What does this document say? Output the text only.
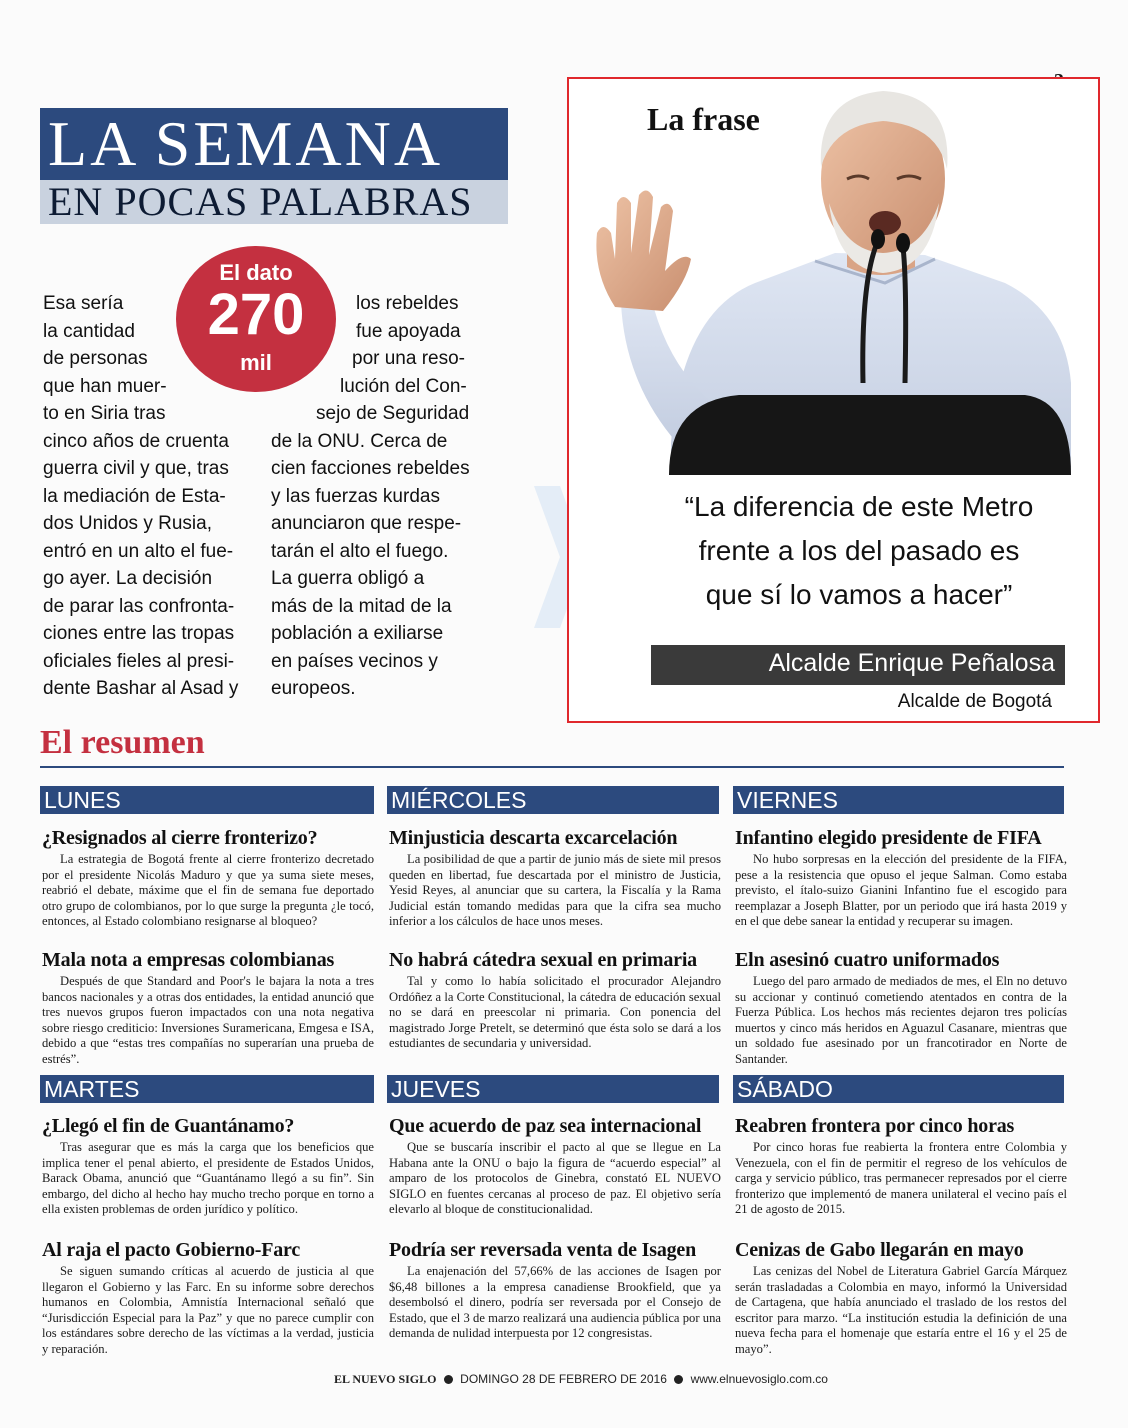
LA SEMANA
EN POCAS PALABRAS
El dato
270
mil
Esa sería
la cantidad
de personas
que han muer-
to en Siria tras
cinco años de cruenta
guerra civil y que, tras
la mediación de Esta-
dos Unidos y Rusia,
entró en un alto el fue-
go ayer. La decisión
de parar las confronta-
ciones entre las tropas
oficiales fieles al presi-
dente Bashar al Asad y
los rebeldes
fue apoyada
por una reso-
lución del Con-
sejo de Seguridad
de la ONU. Cerca de
cien facciones rebeldes
y las fuerzas kurdas
anunciaron que respe-
tarán el alto el fuego.
La guerra obligó a
más de la mitad de la
población a exiliarse
en países vecinos y
europeos.
La frase
“La diferencia de este Metro
frente a los del pasado es
que sí lo vamos a hacer”
Alcalde Enrique Peñalosa
Alcalde de Bogotá
El resumen
LUNES	MIÉRCOLES	VIERNES
MARTES	JUEVES	SÁBADO
¿Resignados al cierre fronterizo?
La estrategia de Bogotá frente al cierre fronterizo decretado por el presidente Nicolás Maduro y que ya suma siete meses, reabrió el debate, máxime que el fin de semana fue deportado otro grupo de colombianos, por lo que surge la pregunta ¿le tocó, entonces, al Estado colombiano resignarse al bloqueo?
Mala nota a empresas colombianas
Después de que Standard and Poor's le bajara la nota a tres bancos nacionales y a otras dos entidades, la entidad anunció que tres nuevos grupos fueron impactados con una nota negativa sobre riesgo crediticio: Inversiones Suramericana, Emgesa e ISA, debido a que “estas tres compañías no superarían una prueba de estrés”.
Minjusticia descarta excarcelación
La posibilidad de que a partir de junio más de siete mil presos queden en libertad, fue descartada por el ministro de Justicia, Yesid Reyes, al anunciar que su cartera, la Fiscalía y la Rama Judicial están tomando medidas para que la cifra sea mucho inferior a los cálculos de hace unos meses.
No habrá cátedra sexual en primaria
Tal y como lo había solicitado el procurador Alejandro Ordóñez a la Corte Constitucional, la cátedra de educación sexual no se dará en preescolar ni primaria. Con ponencia del magistrado Jorge Pretelt, se determinó que ésta solo se dará a los estudiantes de secundaria y universidad.
Infantino elegido presidente de FIFA
No hubo sorpresas en la elección del presidente de la FIFA, pese a la resistencia que opuso el jeque Salman. Como estaba previsto, el ítalo-suizo Gianini Infantino fue el escogido para reemplazar a Joseph Blatter, por un periodo que irá hasta 2019 y en el que debe sanear la entidad y recuperar su imagen.
Eln asesinó cuatro uniformados
Luego del paro armado de mediados de mes, el Eln no detuvo su accionar y continuó cometiendo atentados en contra de la Fuerza Pública. Los hechos más recientes dejaron tres policías muertos y cinco más heridos en Aguazul Casanare, mientras que un soldado fue asesinado por un francotirador en Norte de Santander.
¿Llegó el fin de Guantánamo?
Tras asegurar que es más la carga que los beneficios que implica tener el penal abierto, el presidente de Estados Unidos, Barack Obama, anunció que “Guantánamo llegó a su fin”. Sin embargo, del dicho al hecho hay mucho trecho porque en torno a ella existen problemas de orden jurídico y político.
Al raja el pacto Gobierno-Farc
Se siguen sumando críticas al acuerdo de justicia al que llegaron el Gobierno y las Farc. En su informe sobre derechos humanos en Colombia, Amnistía Internacional señaló que “Jurisdicción Especial para la Paz” y que no parece cumplir con los estándares sobre derecho de las víctimas a la verdad, justicia y reparación.
Que acuerdo de paz sea internacional
Que se buscaría inscribir el pacto al que se llegue en La Habana ante la ONU o bajo la figura de “acuerdo especial” al amparo de los protocolos de Ginebra, constató EL NUEVO SIGLO en fuentes cercanas al proceso de paz. El objetivo sería elevarlo al bloque de constitucionalidad.
Podría ser reversada venta de Isagen
La enajenación del 57,66% de las acciones de Isagen por $6,48 billones a la empresa canadiense Brookfield, que ya desembolsó el dinero, podría ser reversada por el Consejo de Estado, que el 3 de marzo realizará una audiencia pública por una demanda de nulidad interpuesta por 12 congresistas.
Reabren frontera por cinco horas
Por cinco horas fue reabierta la frontera entre Colombia y Venezuela, con el fin de permitir el regreso de los vehículos de carga y servicio público, tras permanecer represados por el cierre fronterizo que implementó de manera unilateral el vecino país el 21 de agosto de 2015.
Cenizas de Gabo llegarán en mayo
Las cenizas del Nobel de Literatura Gabriel García Márquez serán trasladadas a Colombia en mayo, informó la Universidad de Cartagena, que había anunciado el traslado de los restos del escritor para marzo. “La institución estudia la definición de una nueva fecha para el homenaje que estaría entre el 16 y el 25 de mayo”.
EL NUEVO SIGLO DOMINGO 28 DE FEBRERO DE 2016 www.elnuevosiglo.com.co
